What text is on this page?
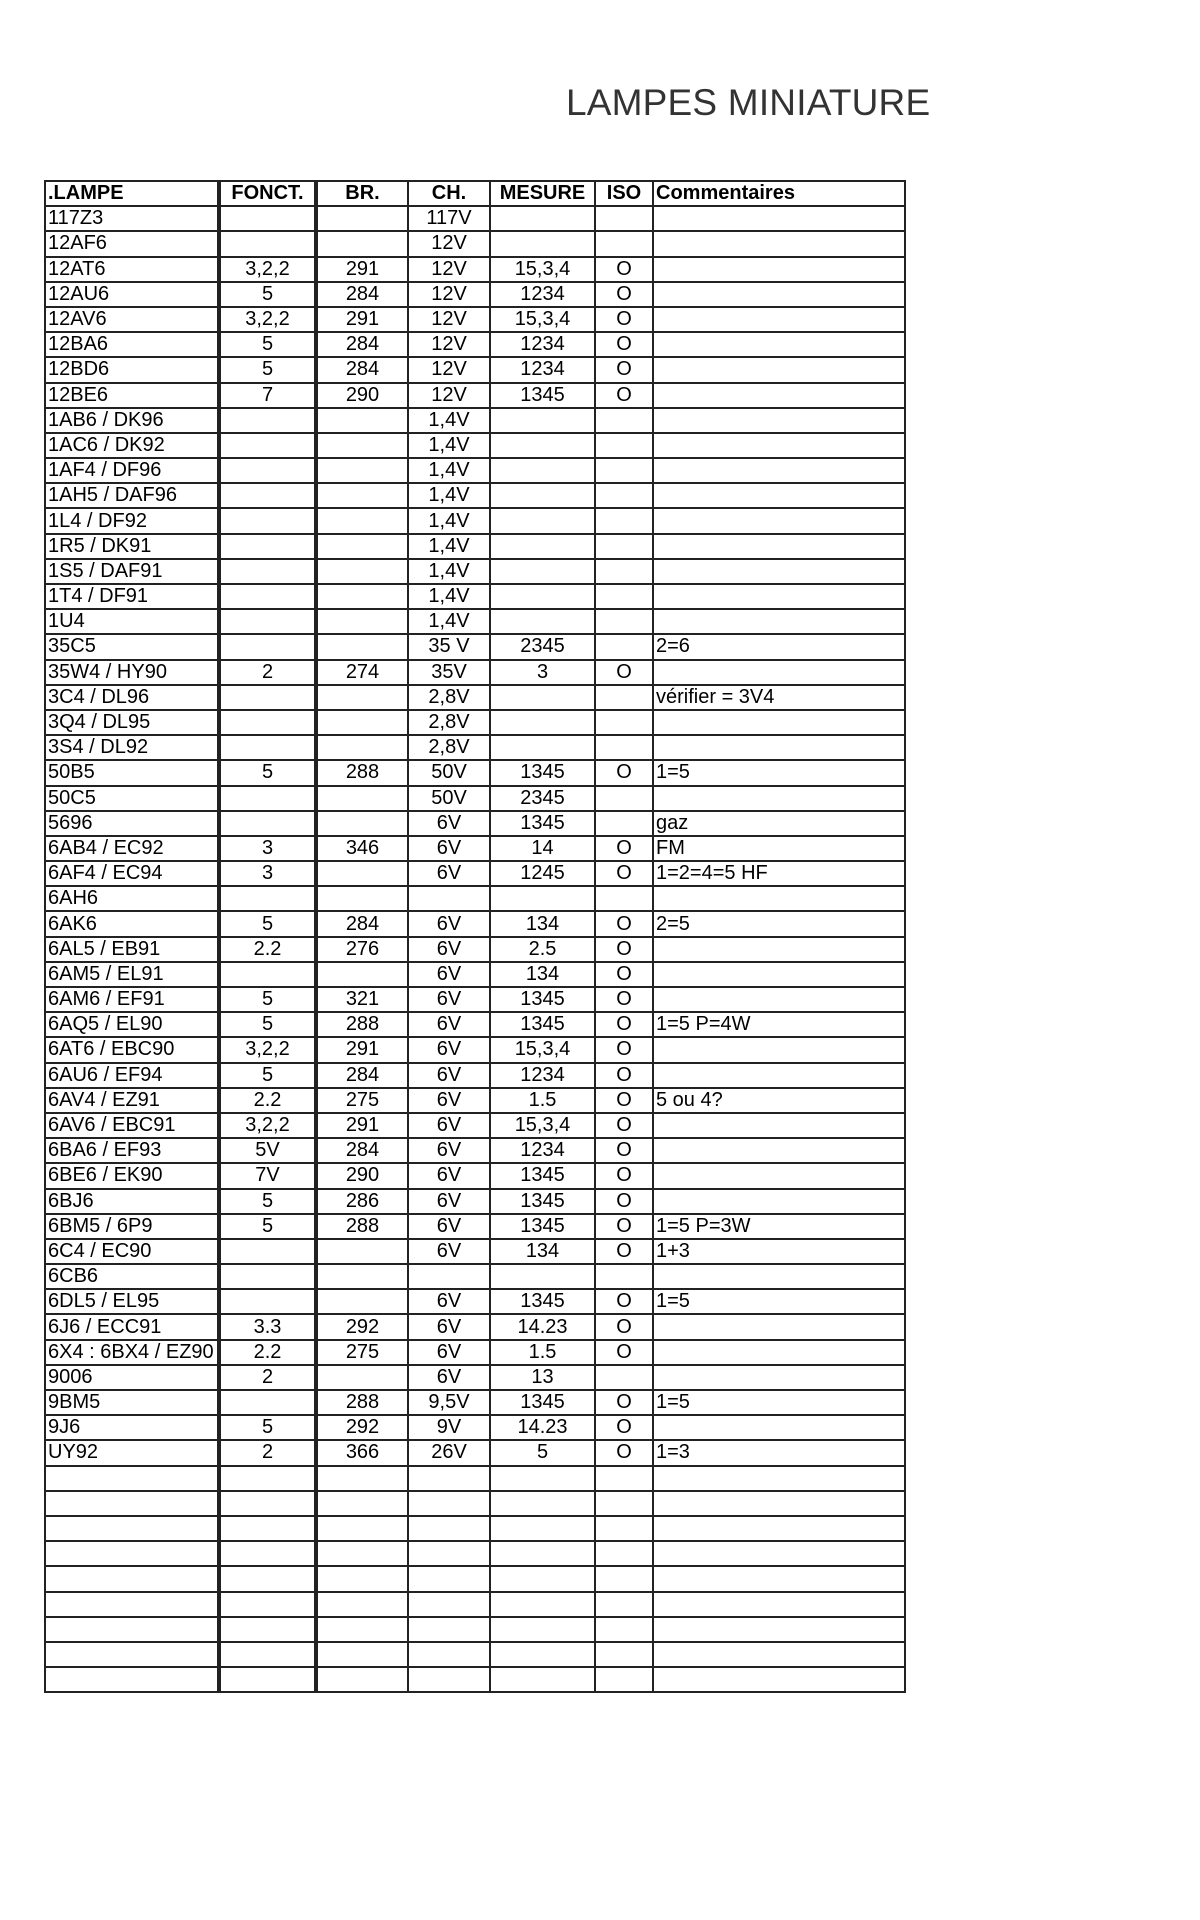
LAMPES MINIATURE
.LAMPE	FONCT.	BR.	CH.	MESURE	ISO	Commentaires
117Z3			117V			
12AF6			12V			
12AT6	3,2,2	291	12V	15,3,4	O	
12AU6	5	284	12V	1234	O	
12AV6	3,2,2	291	12V	15,3,4	O	
12BA6	5	284	12V	1234	O	
12BD6	5	284	12V	1234	O	
12BE6	7	290	12V	1345	O	
1AB6 / DK96			1,4V			
1AC6 / DK92			1,4V			
1AF4 / DF96			1,4V			
1AH5 / DAF96			1,4V			
1L4 / DF92			1,4V			
1R5 / DK91			1,4V			
1S5 / DAF91			1,4V			
1T4 / DF91			1,4V			
1U4			1,4V			
35C5			35 V	2345		2=6
35W4 / HY90	2	274	35V	3	O	
3C4 / DL96			2,8V			vérifier = 3V4
3Q4 / DL95			2,8V			
3S4 / DL92			2,8V			
50B5	5	288	50V	1345	O	1=5
50C5			50V	2345		
5696			6V	1345		gaz
6AB4 / EC92	3	346	6V	14	O	FM
6AF4 / EC94	3		6V	1245	O	1=2=4=5 HF
6AH6						
6AK6	5	284	6V	134	O	2=5
6AL5 / EB91	2.2	276	6V	2.5	O	
6AM5 / EL91			6V	134	O	
6AM6 / EF91	5	321	6V	1345	O	
6AQ5 / EL90	5	288	6V	1345	O	1=5 P=4W
6AT6 / EBC90	3,2,2	291	6V	15,3,4	O	
6AU6 / EF94	5	284	6V	1234	O	
6AV4 / EZ91	2.2	275	6V	1.5	O	5 ou 4?
6AV6 / EBC91	3,2,2	291	6V	15,3,4	O	
6BA6 / EF93	5V	284	6V	1234	O	
6BE6 / EK90	7V	290	6V	1345	O	
6BJ6	5	286	6V	1345	O	
6BM5 / 6P9	5	288	6V	1345	O	1=5 P=3W
6C4 / EC90			6V	134	O	1+3
6CB6						
6DL5 / EL95			6V	1345	O	1=5
6J6 / ECC91	3.3	292	6V	14.23	O	
6X4 : 6BX4 / EZ90	2.2	275	6V	1.5	O	
9006	2		6V	13		
9BM5		288	9,5V	1345	O	1=5
9J6	5	292	9V	14.23	O	
UY92	2	366	26V	5	O	1=3
